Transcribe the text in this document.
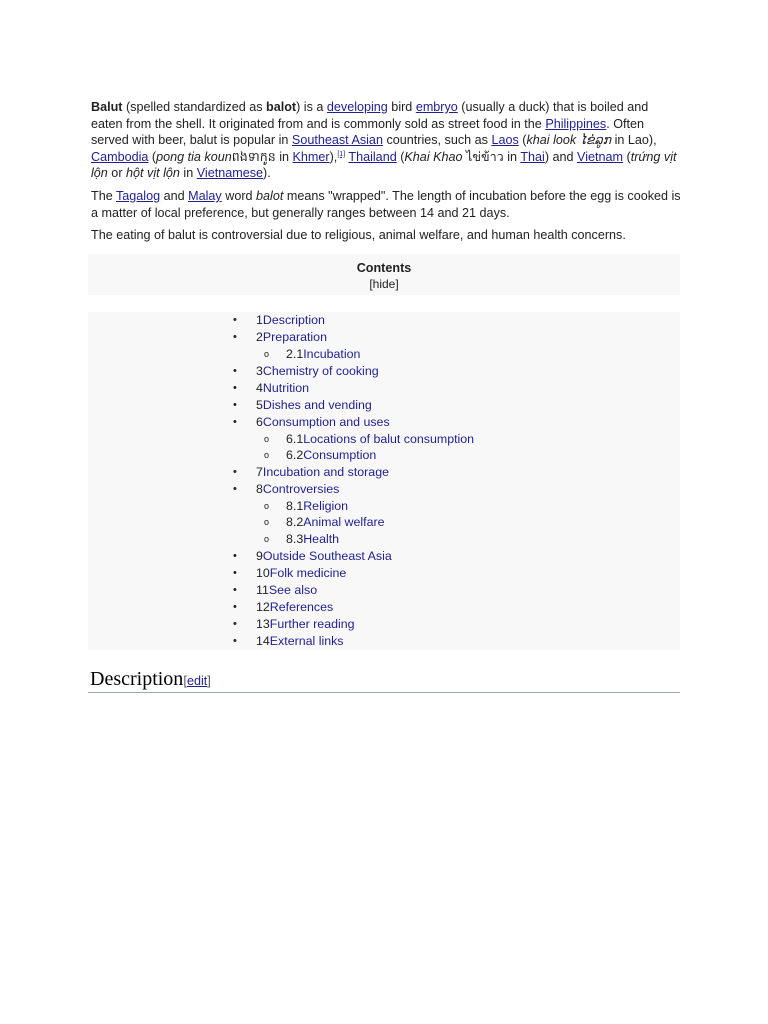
Balut (spelled standardized as balot) is a developing bird embryo (usually a duck) that is boiled and eaten from the shell. It originated from and is commonly sold as street food in the Philippines. Often served with beer, balut is popular in Southeast Asian countries, such as Laos (khai look ໄຂ່ລູກ in Lao), Cambodia (pong tia kounពងទាកូន in Khmer),[1] Thailand (Khai Khao ไข่ข้าว in Thai) and Vietnam (trứng vịt lộn or hột vịt lộn in Vietnamese).

The Tagalog and Malay word balot means "wrapped". The length of incubation before the egg is cooked is a matter of local preference, but generally ranges between 14 and 21 days.

The eating of balut is controversial due to religious, animal welfare, and human health concerns.

Contents
[hide]
• 1Description
• 2Preparation
o 2.1Incubation
• 3Chemistry of cooking
• 4Nutrition
• 5Dishes and vending
• 6Consumption and uses
o 6.1Locations of balut consumption
o 6.2Consumption
• 7Incubation and storage
• 8Controversies
o 8.1Religion
o 8.2Animal welfare
o 8.3Health
• 9Outside Southeast Asia
• 10Folk medicine
• 11See also
• 12References
• 13Further reading
• 14External links
Description[edit]
